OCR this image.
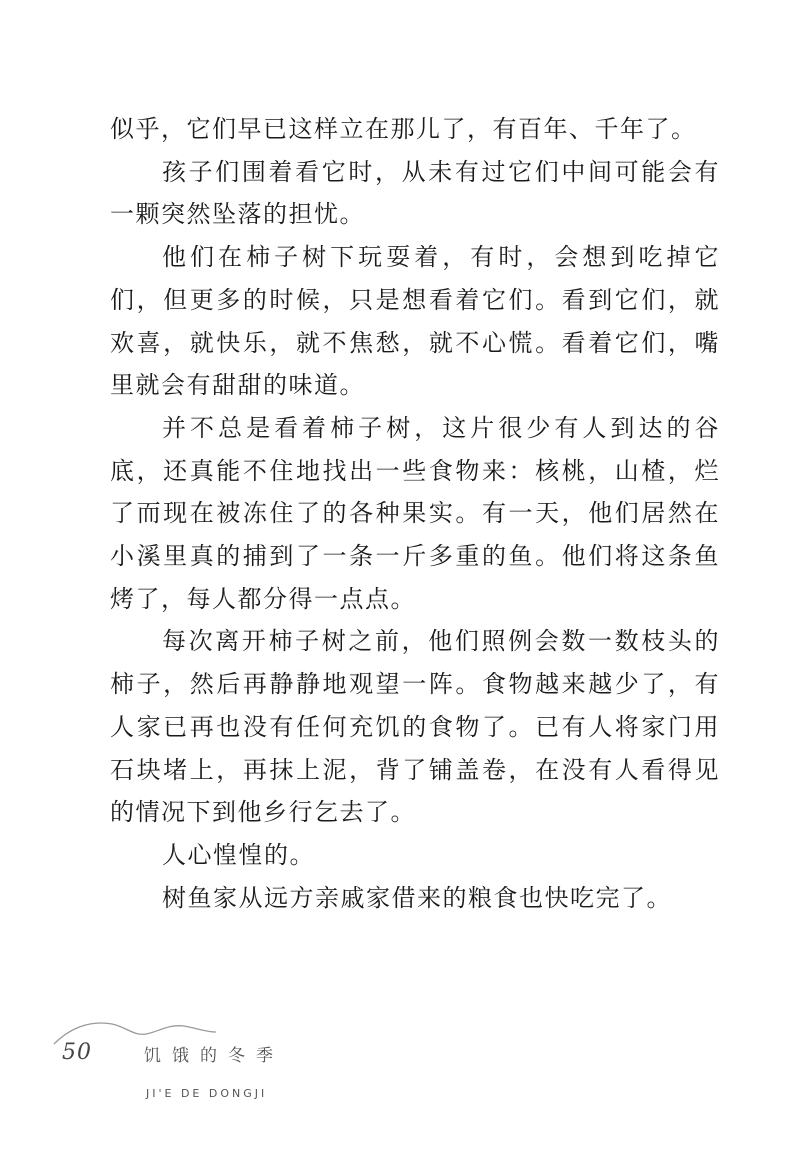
似乎，它们早已这样立在那儿了，有百年、千年了。

孩子们围着看它时，从未有过它们中间可能会有一颗突然坠落的担忧。

他们在柿子树下玩耍着，有时，会想到吃掉它们，但更多的时候，只是想看着它们。看到它们，就欢喜，就快乐，就不焦愁，就不心慌。看着它们，嘴里就会有甜甜的味道。

并不总是看着柿子树，这片很少有人到达的谷底，还真能不住地找出一些食物来：核桃，山楂，烂了而现在被冻住了的各种果实。有一天，他们居然在小溪里真的捕到了一条一斤多重的鱼。他们将这条鱼烤了，每人都分得一点点。

每次离开柿子树之前，他们照例会数一数枝头的柿子，然后再静静地观望一阵。食物越来越少了，有人家已再也没有任何充饥的食物了。已有人将家门用石块堵上，再抹上泥，背了铺盖卷，在没有人看得见的情况下到他乡行乞去了。

人心惶惶的。

树鱼家从远方亲戚家借来的粮食也快吃完了。

50	饥饿的冬季
JI'E DE DONGJI
